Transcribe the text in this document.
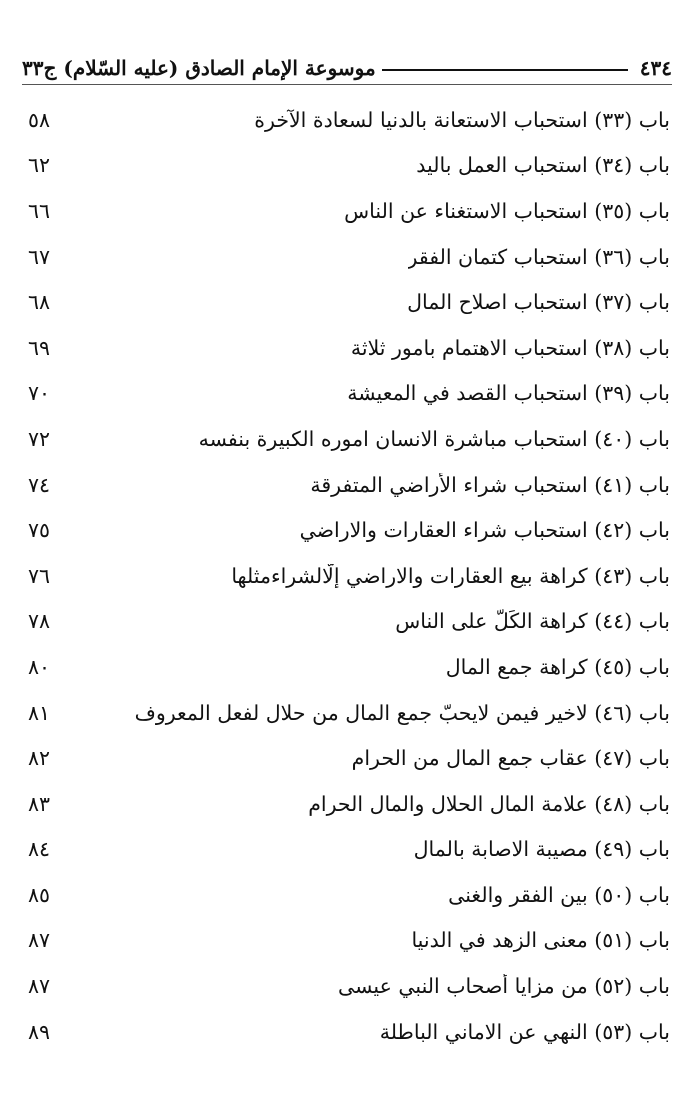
٤٣٤
موسوعة الإمام الصادق (عليه السّلام) ج٣٣
باب (٣٣) استحباب الاستعانة بالدنيا لسعادة الآخرة
٥٨
باب (٣٤) استحباب العمل باليد
٦٢
باب (٣٥) استحباب الاستغناء عن الناس
٦٦
باب (٣٦) استحباب كتمان الفقر
٦٧
باب (٣٧) استحباب اصلاح المال
٦٨
باب (٣٨) استحباب الاهتمام بامور ثلاثة
٦٩
باب (٣٩) استحباب القصد في المعيشة
٧٠
باب (٤٠) استحباب مباشرة الانسان اموره الكبيرة بنفسه
٧٢
باب (٤١) استحباب شراء الأراضي المتفرقة
٧٤
باب (٤٢) استحباب شراء العقارات والاراضي
٧٥
باب (٤٣) كراهة بيع العقارات والاراضي إلّالشراءمثلها
٧٦
باب (٤٤) كراهة الكَلّ على الناس
٧٨
باب (٤٥) كراهة جمع المال
٨٠
باب (٤٦) لاخير فيمن لايحبّ جمع المال من حلال لفعل المعروف
٨١
باب (٤٧) عقاب جمع المال من الحرام
٨٢
باب (٤٨) علامة المال الحلال والمال الحرام
٨٣
باب (٤٩) مصيبة الاصابة بالمال
٨٤
باب (٥٠) بين الفقر والغنى
٨٥
باب (٥١) معنى الزهد في الدنيا
٨٧
باب (٥٢) من مزايا أصحاب النبي عيسى
٨٧
باب (٥٣) النهي عن الاماني الباطلة
٨٩
